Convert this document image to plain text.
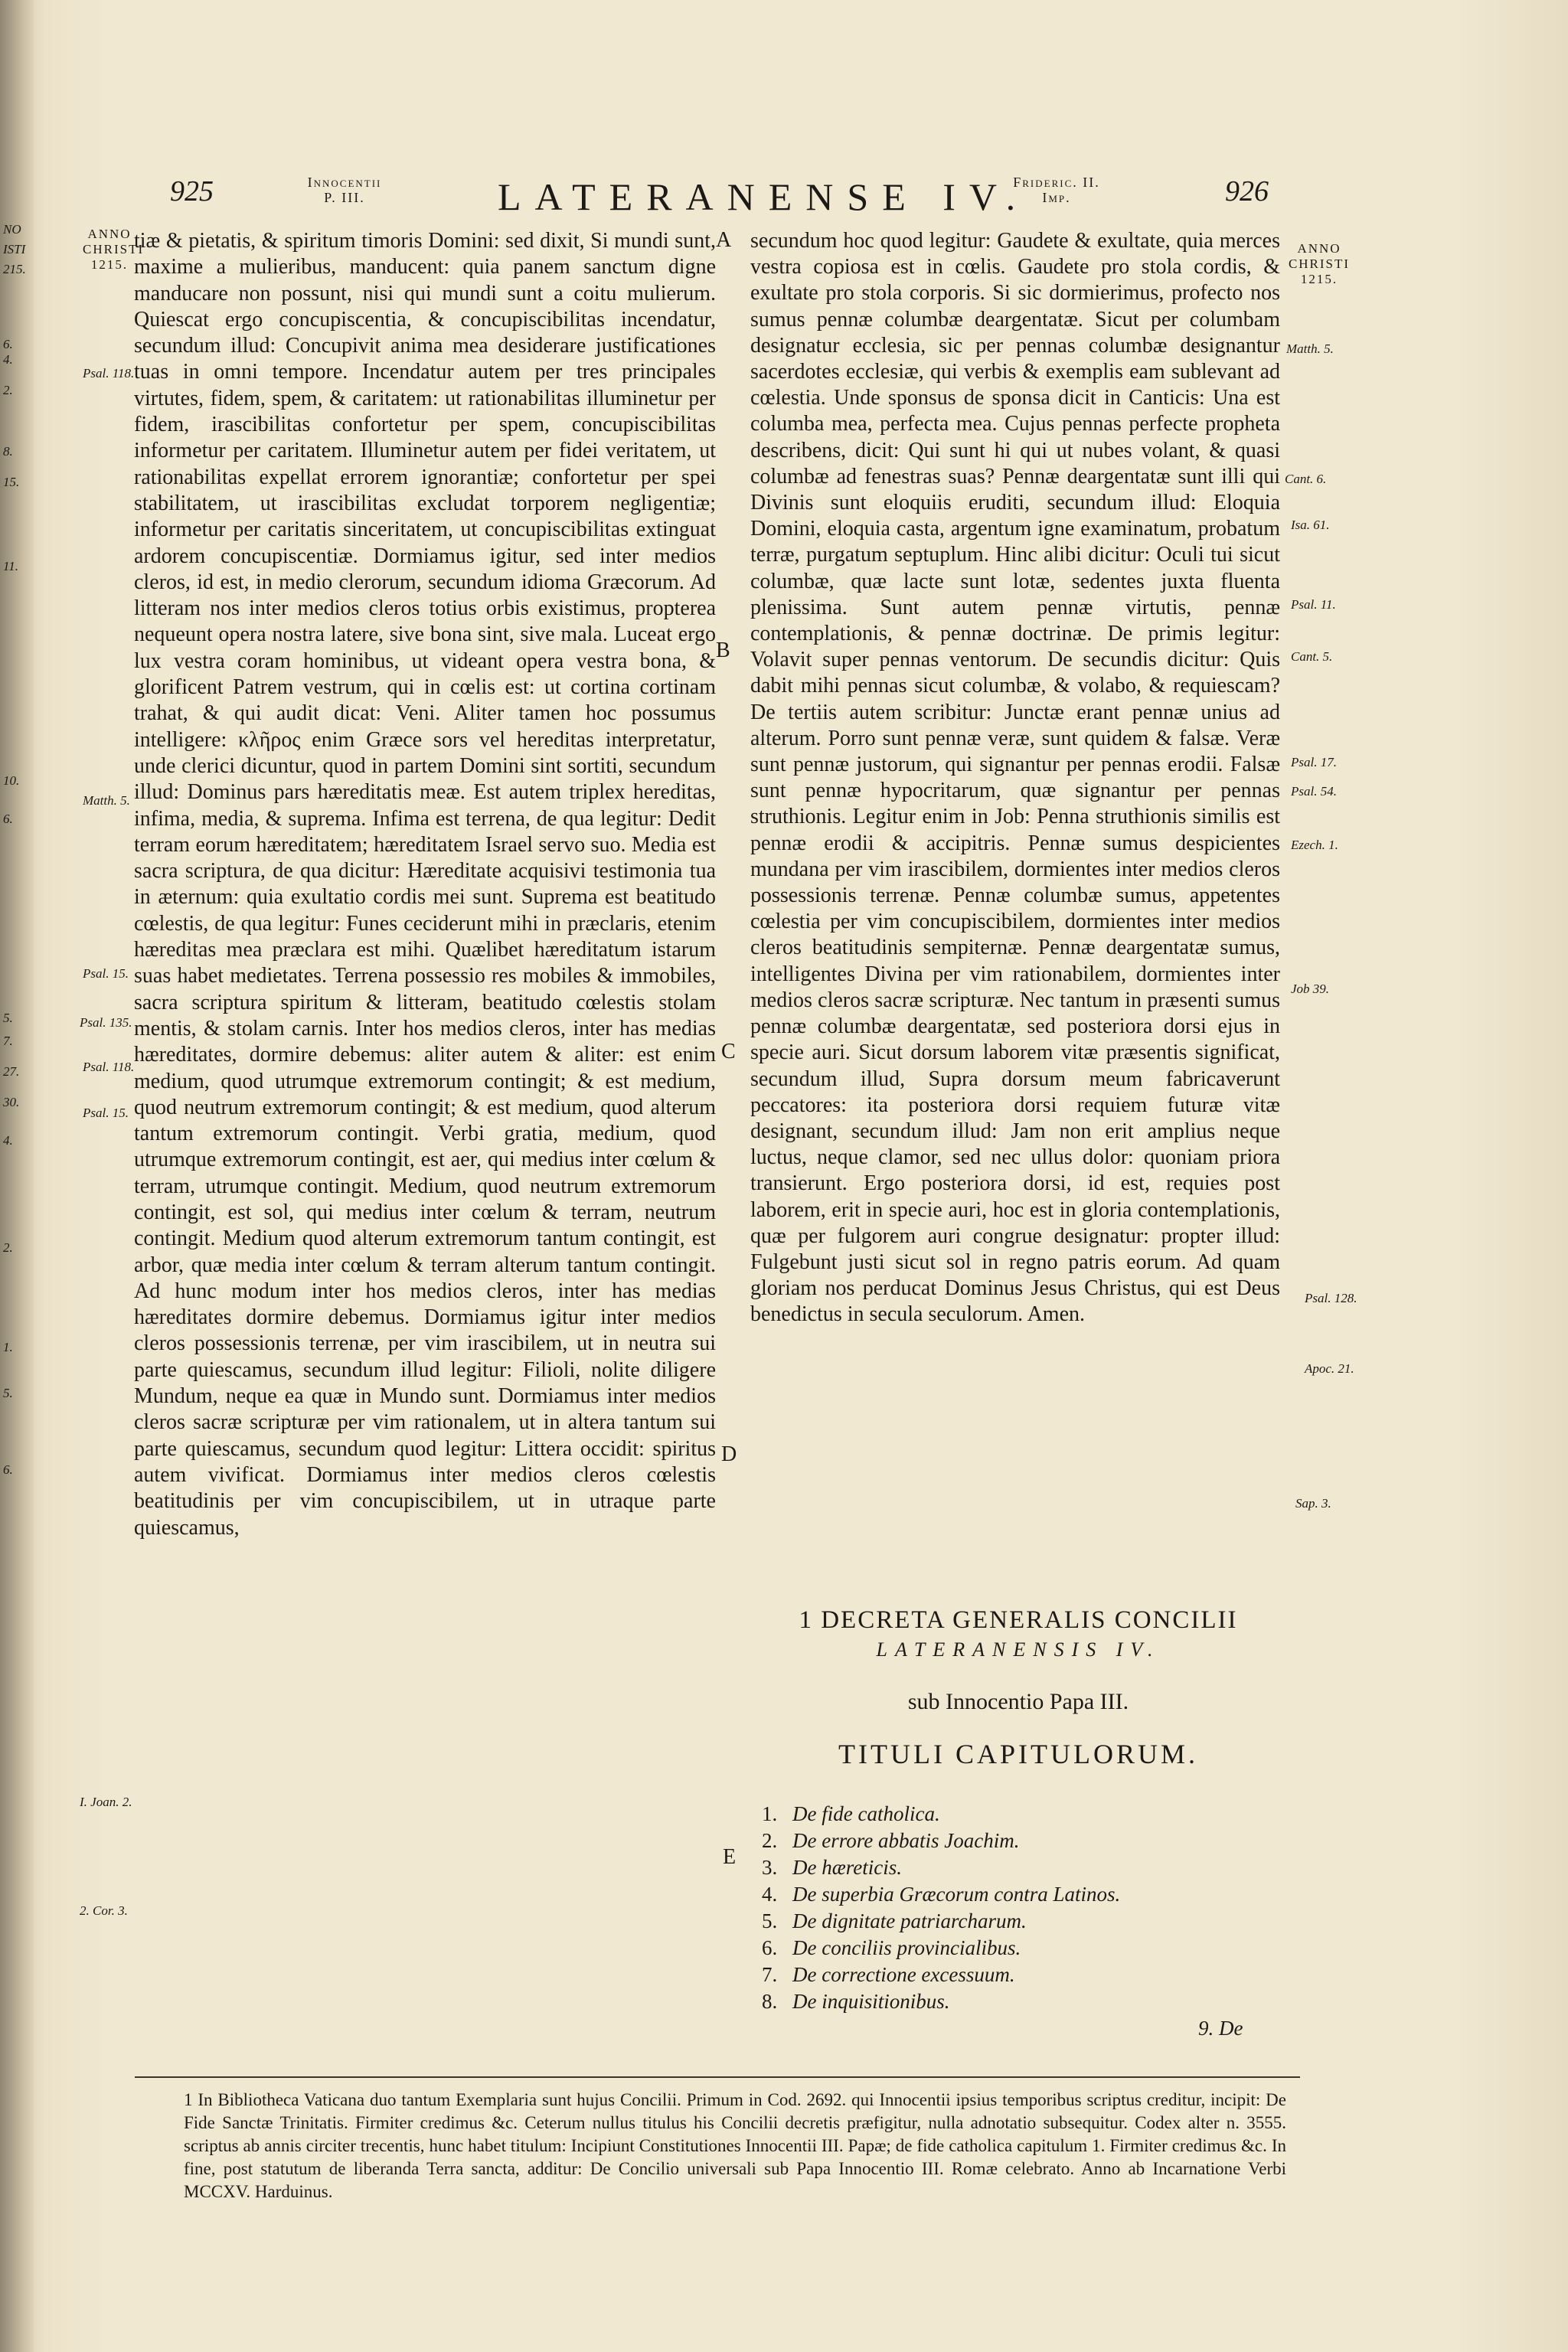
NO
ISTI
215.
6.
4.
2.
8.
15.
11.
10.
6.
5.
7.
27.
30.
4.
2.
1.
5.
6.
925	Innocentii
P. III.	LATERANENSE IV.
Frideric. II.
Imp.	926
ANNO
CHRISTI
1215.
ANNO
CHRISTI
1215.
Psal. 118.
Matth. 5.
Psal. 15.
Psal. 135.
Psal. 118.
Psal. 15.
I. Joan. 2.
2. Cor. 3.
Matth. 5.
Cant. 6.
Isa. 61.
Psal. 11.
Cant. 5.
Psal. 17.
Psal. 54.
Ezech. 1.
Job 39.
Psal. 128.
Apoc. 21.
Sap. 3.
A
B
C
D
E

tiæ & pietatis, & spiritum timoris Domini: sed dixit, Si mundi sunt, maxime a mulieribus, manducent: quia panem sanctum digne manducare non possunt, nisi qui mundi sunt a coitu mulierum. Quiescat ergo concupiscentia, & concupiscibilitas incendatur, secundum illud: Concupivit anima mea desiderare justificationes tuas in omni tempore. Incendatur autem per tres principales virtutes, fidem, spem, & caritatem: ut rationabilitas illuminetur per fidem, irascibilitas confortetur per spem, concupiscibilitas informetur per caritatem. Illuminetur autem per fidei veritatem, ut rationabilitas expellat errorem ignorantiæ; confortetur per spei stabilitatem, ut irascibilitas excludat torporem negligentiæ; informetur per caritatis sinceritatem, ut concupiscibilitas extinguat ardorem concupiscentiæ. Dormiamus igitur, sed inter medios cleros, id est, in medio clerorum, secundum idioma Græcorum. Ad litteram nos inter medios cleros totius orbis existimus, propterea nequeunt opera nostra latere, sive bona sint, sive mala. Luceat ergo lux vestra coram hominibus, ut videant opera vestra bona, & glorificent Patrem vestrum, qui in cœlis est: ut cortina cortinam trahat, & qui audit dicat: Veni. Aliter tamen hoc possumus intelligere: κλῆρος enim Græce sors vel hereditas interpretatur, unde clerici dicuntur, quod in partem Domini sint sortiti, secundum illud: Dominus pars hæreditatis meæ. Est autem triplex hereditas, infima, media, & suprema. Infima est terrena, de qua legitur: Dedit terram eorum hæreditatem; hæreditatem Israel servo suo. Media est sacra scriptura, de qua dicitur: Hæreditate acquisivi testimonia tua in æternum: quia exultatio cordis mei sunt. Suprema est beatitudo cœlestis, de qua legitur: Funes ceciderunt mihi in præclaris, etenim hæreditas mea præclara est mihi. Quælibet hæreditatum istarum suas habet medietates. Terrena possessio res mobiles & immobiles, sacra scriptura spiritum & litteram, beatitudo cœlestis stolam mentis, & stolam carnis. Inter hos medios cleros, inter has medias hæreditates, dormire debemus: aliter autem & aliter: est enim medium, quod utrumque extremorum contingit; & est medium, quod neutrum extremorum contingit; & est medium, quod alterum tantum extremorum contingit. Verbi gratia, medium, quod utrumque extremorum contingit, est aer, qui medius inter cœlum & terram, utrumque contingit. Medium, quod neutrum extremorum contingit, est sol, qui medius inter cœlum & terram, neutrum contingit. Medium quod alterum extremorum tantum contingit, est arbor, quæ media inter cœlum & terram alterum tantum contingit. Ad hunc modum inter hos medios cleros, inter has medias hæreditates dormire debemus. Dormiamus igitur inter medios cleros possessionis terrenæ, per vim irascibilem, ut in neutra sui parte quiescamus, secundum illud legitur: Filioli, nolite diligere Mundum, neque ea quæ in Mundo sunt. Dormiamus inter medios cleros sacræ scripturæ per vim rationalem, ut in altera tantum sui parte quiescamus, secundum quod legitur: Littera occidit: spiritus autem vivificat. Dormiamus inter medios cleros cœlestis beatitudinis per vim concupiscibilem, ut in utraque parte quiescamus,

secundum hoc quod legitur: Gaudete & exultate, quia merces vestra copiosa est in cœlis. Gaudete pro stola cordis, & exultate pro stola corporis. Si sic dormierimus, profecto nos sumus pennæ columbæ deargentatæ. Sicut per columbam designatur ecclesia, sic per pennas columbæ designantur sacerdotes ecclesiæ, qui verbis & exemplis eam sublevant ad cœlestia. Unde sponsus de sponsa dicit in Canticis: Una est columba mea, perfecta mea. Cujus pennas perfecte propheta describens, dicit: Qui sunt hi qui ut nubes volant, & quasi columbæ ad fenestras suas? Pennæ deargentatæ sunt illi qui Divinis sunt eloquiis eruditi, secundum illud: Eloquia Domini, eloquia casta, argentum igne examinatum, probatum terræ, purgatum septuplum. Hinc alibi dicitur: Oculi tui sicut columbæ, quæ lacte sunt lotæ, sedentes juxta fluenta plenissima. Sunt autem pennæ virtutis, pennæ contemplationis, & pennæ doctrinæ. De primis legitur: Volavit super pennas ventorum. De secundis dicitur: Quis dabit mihi pennas sicut columbæ, & volabo, & requiescam? De tertiis autem scribitur: Junctæ erant pennæ unius ad alterum. Porro sunt pennæ veræ, sunt quidem & falsæ. Veræ sunt pennæ justorum, qui signantur per pennas erodii. Falsæ sunt pennæ hypocritarum, quæ signantur per pennas struthionis. Legitur enim in Job: Penna struthionis similis est pennæ erodii & accipitris. Pennæ sumus despicientes mundana per vim irascibilem, dormientes inter medios cleros possessionis terrenæ. Pennæ columbæ sumus, appetentes cœlestia per vim concupiscibilem, dormientes inter medios cleros beatitudinis sempiternæ. Pennæ deargentatæ sumus, intelligentes Divina per vim rationabilem, dormientes inter medios cleros sacræ scripturæ. Nec tantum in præsenti sumus pennæ columbæ deargentatæ, sed posteriora dorsi ejus in specie auri. Sicut dorsum laborem vitæ præsentis significat, secundum illud, Supra dorsum meum fabricaverunt peccatores: ita posteriora dorsi requiem futuræ vitæ designant, secundum illud: Jam non erit amplius neque luctus, neque clamor, sed nec ullus dolor: quoniam priora transierunt. Ergo posteriora dorsi, id est, requies post laborem, erit in specie auri, hoc est in gloria contemplationis, quæ per fulgorem auri congrue designatur: propter illud: Fulgebunt justi sicut sol in regno patris eorum. Ad quam gloriam nos perducat Dominus Jesus Christus, qui est Deus benedictus in secula seculorum. Amen.

1 DECRETA GENERALIS CONCILII
LATERANENSIS IV.
sub Innocentio Papa III.
TITULI CAPITULORUM.
1. De fide catholica.
2. De errore abbatis Joachim.
3. De hæreticis.
4. De superbia Græcorum contra Latinos.
5. De dignitate patriarcharum.
6. De conciliis provincialibus.
7. De correctione excessuum.
8. De inquisitionibus.
9. De
1 In Bibliotheca Vaticana duo tantum Exemplaria sunt hujus Concilii. Primum in Cod. 2692. qui Innocentii ipsius temporibus scriptus creditur, incipit: De Fide Sanctæ Trinitatis. Firmiter credimus &c. Ceterum nullus titulus his Concilii decretis præfigitur, nulla adnotatio subsequitur. Codex alter n. 3555. scriptus ab annis circiter trecentis, hunc habet titulum: Incipiunt Constitutiones Innocentii III. Papæ; de fide catholica capitulum 1. Firmiter credimus &c. In fine, post statutum de liberanda Terra sancta, additur: De Concilio universali sub Papa Innocentio III. Romæ celebrato. Anno ab Incarnatione Verbi MCCXV. Harduinus.
